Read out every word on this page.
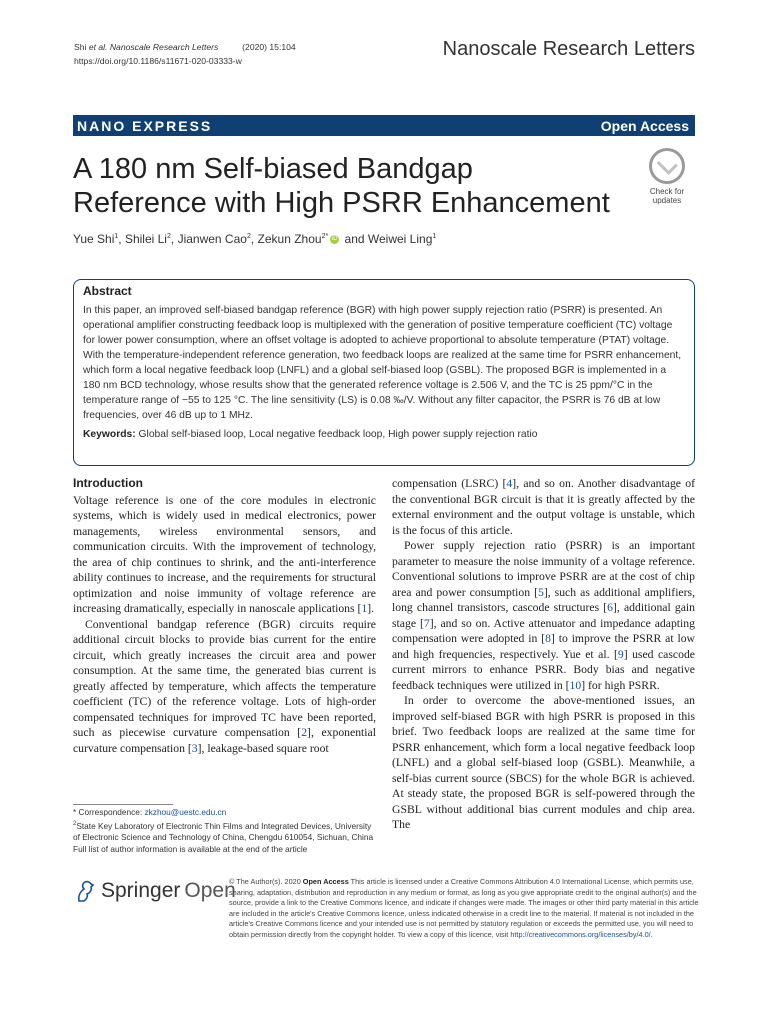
Shi et al. Nanoscale Research Letters	(2020) 15:104
https://doi.org/10.1186/s11671-020-03333-w
Nanoscale Research Letters
NANO EXPRESS	Open Access
A 180 nm Self-biased Bandgap Reference with High PSRR Enhancement	Check for
updates
Yue Shi$^1$, Shilei Li$^2$, Jianwen Cao$^2$, Zekun Zhou$^{2*}$ iD and Weiwei Ling$^1$
Abstract

In this paper, an improved self-biased bandgap reference (BGR) with high power supply rejection ratio (PSRR) is presented. An operational amplifier constructing feedback loop is multiplexed with the generation of positive temperature coefficient (TC) voltage for lower power consumption, where an offset voltage is adopted to achieve proportional to absolute temperature (PTAT) voltage. With the temperature-independent reference generation, two feedback loops are realized at the same time for PSRR enhancement, which form a local negative feedback loop (LNFL) and a global self-biased loop (GSBL). The proposed BGR is implemented in a 180 nm BCD technology, whose results show that the generated reference voltage is 2.506 V, and the TC is 25 ppm/°C in the temperature range of −55 to 125 °C. The line sensitivity (LS) is 0.08 ‰/V. Without any filter capacitor, the PSRR is 76 dB at low frequencies, over 46 dB up to 1 MHz.

Keywords: Global self-biased loop, Local negative feedback loop, High power supply rejection ratio
Introduction

Voltage reference is one of the core modules in electronic systems, which is widely used in medical electronics, power managements, wireless environmental sensors, and communication circuits. With the improvement of technology, the area of chip continues to shrink, and the anti-interference ability continues to increase, and the requirements for structural optimization and noise immunity of voltage reference are increasing dramatically, especially in nanoscale applications [1].

Conventional bandgap reference (BGR) circuits require additional circuit blocks to provide bias current for the entire circuit, which greatly increases the circuit area and power consumption. At the same time, the generated bias current is greatly affected by temperature, which affects the temperature coefficient (TC) of the reference voltage. Lots of high-order compensated techniques for improved TC have been reported, such as piecewise curvature compensation [2], exponential curvature compensation [3], leakage-based square root

compensation (LSRC) [4], and so on. Another disadvantage of the conventional BGR circuit is that it is greatly affected by the external environment and the output voltage is unstable, which is the focus of this article.

Power supply rejection ratio (PSRR) is an important parameter to measure the noise immunity of a voltage reference. Conventional solutions to improve PSRR are at the cost of chip area and power consumption [5], such as additional amplifiers, long channel transistors, cascode structures [6], additional gain stage [7], and so on. Active attenuator and impedance adapting compensation were adopted in [8] to improve the PSRR at low and high frequencies, respectively. Yue et al. [9] used cascode current mirrors to enhance PSRR. Body bias and negative feedback techniques were utilized in [10] for high PSRR.

In order to overcome the above-mentioned issues, an improved self-biased BGR with high PSRR is proposed in this brief. Two feedback loops are realized at the same time for PSRR enhancement, which form a local negative feedback loop (LNFL) and a global self-biased loop (GSBL). Meanwhile, a self-bias current source (SBCS) for the whole BGR is achieved. At steady state, the proposed BGR is self-powered through the GSBL without additional bias current modules and chip area. The

* Correspondence: zkzhou@uestc.edu.cn
$^2$State Key Laboratory of Electronic Thin Films and Integrated Devices, University of Electronic Science and Technology of China, Chengdu 610054, Sichuan, China
Full list of author information is available at the end of the article
Springer Open
© The Author(s). 2020 Open Access This article is licensed under a Creative Commons Attribution 4.0 International License, which permits use, sharing, adaptation, distribution and reproduction in any medium or format, as long as you give appropriate credit to the original author(s) and the source, provide a link to the Creative Commons licence, and indicate if changes were made. The images or other third party material in this article are included in the article's Creative Commons licence, unless indicated otherwise in a credit line to the material. If material is not included in the article's Creative Commons licence and your intended use is not permitted by statutory regulation or exceeds the permitted use, you will need to obtain permission directly from the copyright holder. To view a copy of this licence, visit http://creativecommons.org/licenses/by/4.0/.
